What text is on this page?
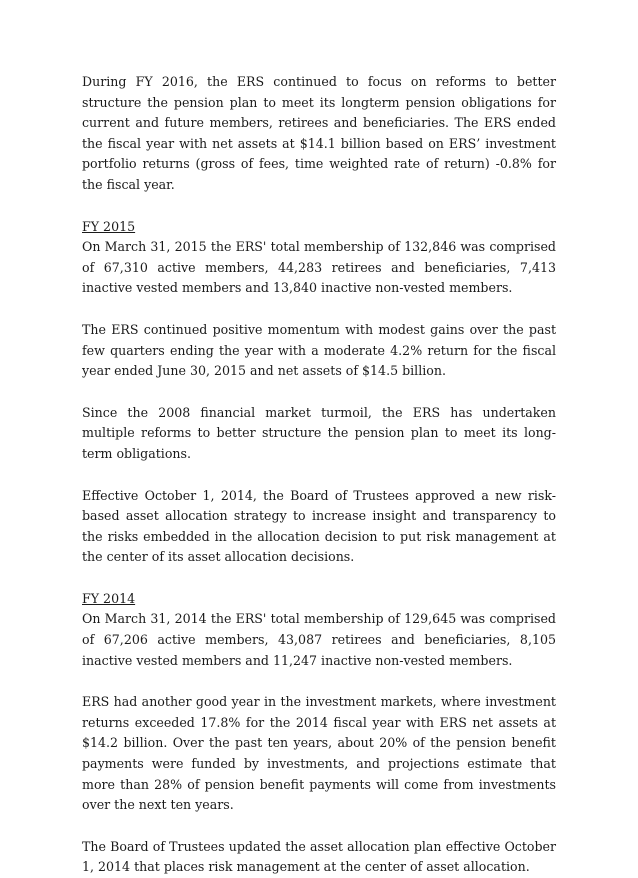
During FY 2016, the ERS continued to focus on reforms to better structure the pension plan to meet its longterm pension obligations for current and future members, retirees and beneficiaries. The ERS ended the fiscal year with net assets at $14.1 billion based on ERS’ investment portfolio returns (gross of fees, time weighted rate of return) -0.8% for the fiscal year.

FY 2015

On March 31, 2015 the ERS' total membership of 132,846 was comprised of 67,310 active members, 44,283 retirees and beneficiaries, 7,413 inactive vested members and 13,840 inactive non-vested members.

The ERS continued positive momentum with modest gains over the past few quarters ending the year with a moderate 4.2% return for the fiscal year ended June 30, 2015 and net assets of $14.5 billion.

Since the 2008 financial market turmoil, the ERS has undertaken multiple reforms to better structure the pension plan to meet its long-term obligations.

Effective October 1, 2014, the Board of Trustees approved a new risk-based asset allocation strategy to increase insight and transparency to the risks embedded in the allocation decision to put risk management at the center of its asset allocation decisions.

FY 2014

On March 31, 2014 the ERS' total membership of 129,645 was comprised of 67,206 active members, 43,087 retirees and beneficiaries, 8,105 inactive vested members and 11,247 inactive non-vested members.

ERS had another good year in the investment markets, where investment returns exceeded 17.8% for the 2014 fiscal year with ERS net assets at $14.2 billion. Over the past ten years, about 20% of the pension benefit payments were funded by investments, and projections estimate that more than 28% of pension benefit payments will come from investments over the next ten years.

The Board of Trustees updated the asset allocation plan effective October 1, 2014 that places risk management at the center of asset allocation.
